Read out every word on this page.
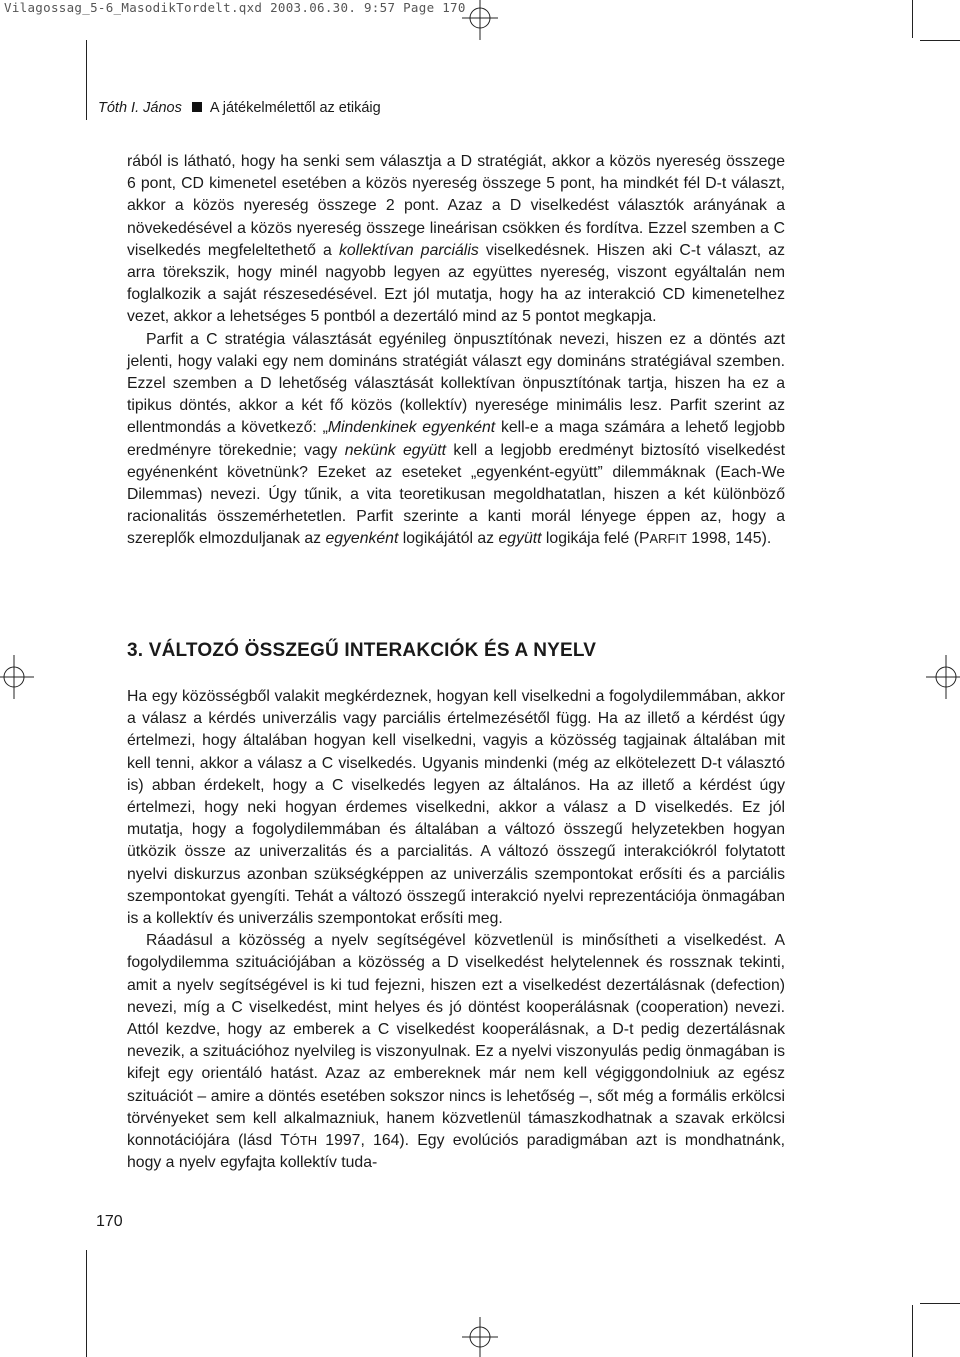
Vilagossag_5-6_MasodikTordelt.qxd 2003.06.30. 9:57 Page 170
Tóth I. János A játékelmélettől az etikáig

rából is látható, hogy ha senki sem választja a D stratégiát, akkor a közös nyereség összege 6 pont, CD kimenetel esetében a közös nyereség összege 5 pont, ha mindkét fél D-t választ, akkor a közös nyereség összege 2 pont. Azaz a D viselkedést választók arányának a növekedésével a közös nyereség összege lineárisan csökken és fordítva. Ezzel szemben a C viselkedés megfeleltethető a kollektívan parciális viselkedésnek. Hiszen aki C-t választ, az arra törekszik, hogy minél nagyobb legyen az együttes nyereség, viszont egyáltalán nem foglalkozik a saját részesedésével. Ezt jól mutatja, hogy ha az interakció CD kimenetelhez vezet, akkor a lehetséges 5 pontból a dezertáló mind az 5 pontot megkapja.

Parfit a C stratégia választását egyénileg önpusztítónak nevezi, hiszen ez a döntés azt jelenti, hogy valaki egy nem domináns stratégiát választ egy domináns stratégiával szemben. Ezzel szemben a D lehetőség választását kollektívan önpusztítónak tartja, hiszen ha ez a tipikus döntés, akkor a két fő közös (kollektív) nyeresége minimális lesz. Parfit szerint az ellentmondás a következő: „Mindenkinek egyenként kell-e a maga számára a lehető legjobb eredményre törekednie; vagy nekünk együtt kell a legjobb eredményt biztosító viselkedést egyénenként követnünk? Ezeket az eseteket „egyenként-együtt” dilemmáknak (Each-We Dilemmas) nevezi. Úgy tűnik, a vita teoretikusan megoldhatatlan, hiszen a két különböző racionalitás összemérhetetlen. Parfit szerinte a kanti morál lényege éppen az, hogy a szereplők elmozduljanak az egyenként logikájától az együtt logikája felé (PARFIT 1998, 145).

3. VÁLTOZÓ ÖSSZEGŰ INTERAKCIÓK ÉS A NYELV

Ha egy közösségből valakit megkérdeznek, hogyan kell viselkedni a fogolydilemmában, akkor a válasz a kérdés univerzális vagy parciális értelmezésétől függ. Ha az illető a kérdést úgy értelmezi, hogy általában hogyan kell viselkedni, vagyis a közösség tagjainak általában mit kell tenni, akkor a válasz a C viselkedés. Ugyanis mindenki (még az elkötelezett D-t választó is) abban érdekelt, hogy a C viselkedés legyen az általános. Ha az illető a kérdést úgy értelmezi, hogy neki hogyan érdemes viselkedni, akkor a válasz a D viselkedés. Ez jól mutatja, hogy a fogolydilemmában és általában a változó összegű helyzetekben hogyan ütközik össze az univerzalitás és a parcialitás. A változó összegű interakciókról folytatott nyelvi diskurzus azonban szükségképpen az univerzális szempontokat erősíti és a parciális szempontokat gyengíti. Tehát a változó összegű interakció nyelvi reprezentációja önmagában is a kollektív és univerzális szempontokat erősíti meg.

Ráadásul a közösség a nyelv segítségével közvetlenül is minősítheti a viselkedést. A fogolydilemma szituációjában a közösség a D viselkedést helytelennek és rossznak tekinti, amit a nyelv segítségével is ki tud fejezni, hiszen ezt a viselkedést dezertálásnak (defection) nevezi, míg a C viselkedést, mint helyes és jó döntést kooperálásnak (cooperation) nevezi. Attól kezdve, hogy az emberek a C viselkedést kooperálásnak, a D-t pedig dezertálásnak nevezik, a szituációhoz nyelvileg is viszonyulnak. Ez a nyelvi viszonyulás pedig önmagában is kifejt egy orientáló hatást. Azaz az embereknek már nem kell végiggondolniuk az egész szituációt – amire a döntés esetében sokszor nincs is lehetőség –, sőt még a formális erkölcsi törvényeket sem kell alkalmazniuk, hanem közvetlenül támaszkodhatnak a szavak erkölcsi konnotációjára (lásd TÓTH 1997, 164). Egy evolúciós paradigmában azt is mondhatnánk, hogy a nyelv egyfajta kollektív tuda-

170
